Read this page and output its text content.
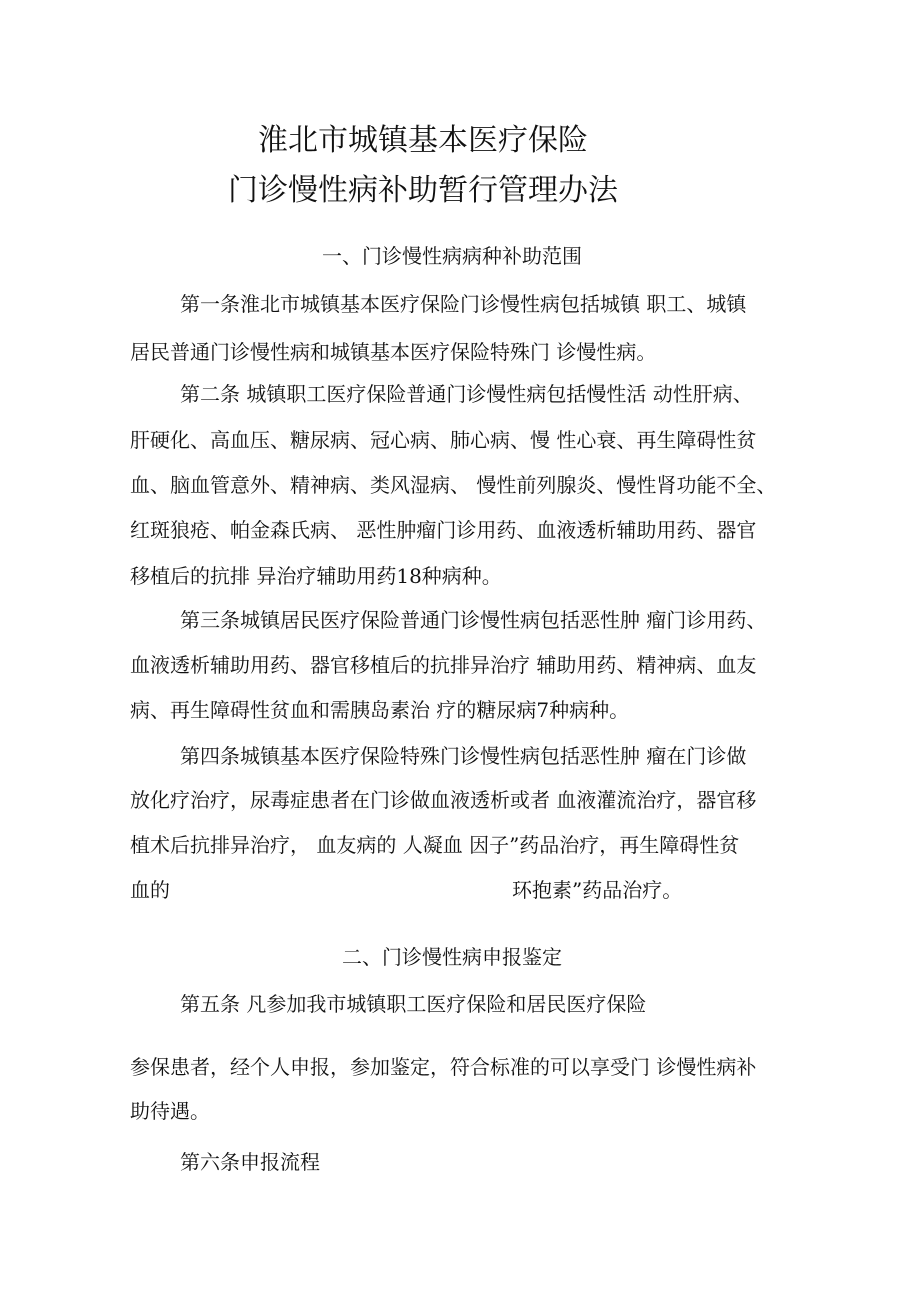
淮北市城镇基本医疗保险
门诊慢性病补助暂行管理办法
一、门诊慢性病病种补助范围
第一条淮北市城镇基本医疗保险门诊慢性病包括城镇 职工、城镇
居民普通门诊慢性病和城镇基本医疗保险特殊门 诊慢性病。
第二条 城镇职工医疗保险普通门诊慢性病包括慢性活 动性肝病、
肝硬化、高血压、糖尿病、冠心病、肺心病、慢 性心衰、再生障碍性贫
血、脑血管意外、精神病、类风湿病、 慢性前列腺炎、慢性肾功能不全、
红斑狼疮、帕金森氏病、 恶性肿瘤门诊用药、血液透析辅助用药、器官
移植后的抗排 异治疗辅助用药18种病种。
第三条城镇居民医疗保险普通门诊慢性病包括恶性肿 瘤门诊用药、
血液透析辅助用药、器官移植后的抗排异治疗 辅助用药、精神病、血友
病、再生障碍性贫血和需胰岛素治 疗的糖尿病7种病种。
第四条城镇基本医疗保险特殊门诊慢性病包括恶性肿 瘤在门诊做
放化疗治疗，尿毒症患者在门诊做血液透析或者 血液灌流治疗，器官移
植术后抗排异治疗， 血友病的 人凝血 因子”药品治疗，再生障碍性贫
血的	环抱素”药品治疗。
二、门诊慢性病申报鉴定
第五条 凡参加我市城镇职工医疗保险和居民医疗保险
参保患者，经个人申报，参加鉴定，符合标准的可以享受门 诊慢性病补
助待遇。
第六条申报流程
